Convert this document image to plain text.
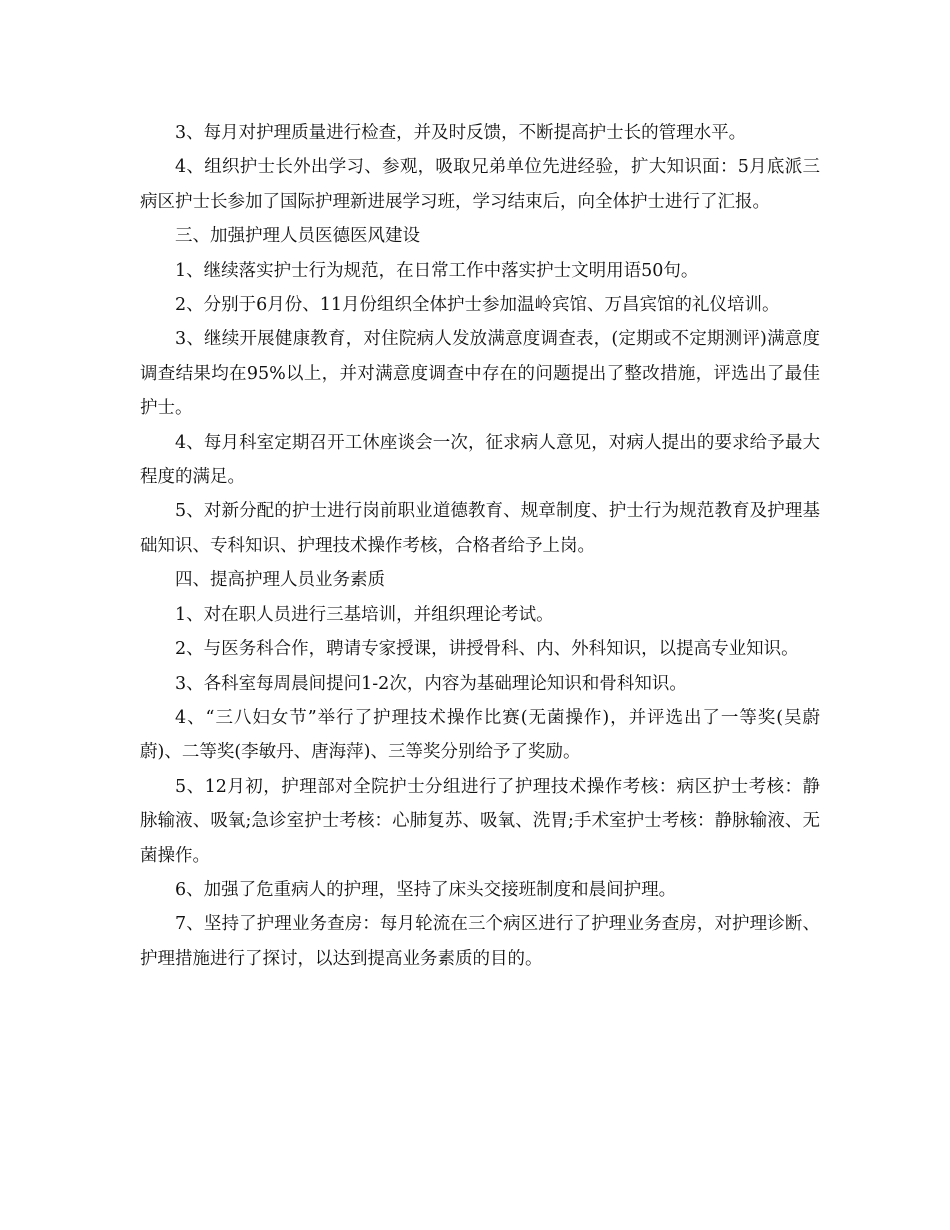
3、每月对护理质量进行检查，并及时反馈，不断提高护士长的管理水平。

4、组织护士长外出学习、参观，吸取兄弟单位先进经验，扩大知识面：5月底派三病区护士长参加了国际护理新进展学习班，学习结束后，向全体护士进行了汇报。

三、加强护理人员医德医风建设

1、继续落实护士行为规范，在日常工作中落实护士文明用语50句。

2、分别于6月份、11月份组织全体护士参加温岭宾馆、万昌宾馆的礼仪培训。

3、继续开展健康教育，对住院病人发放满意度调查表，(定期或不定期测评)满意度调查结果均在95%以上，并对满意度调查中存在的问题提出了整改措施，评选出了最佳护士。

4、每月科室定期召开工休座谈会一次，征求病人意见，对病人提出的要求给予最大程度的满足。

5、对新分配的护士进行岗前职业道德教育、规章制度、护士行为规范教育及护理基础知识、专科知识、护理技术操作考核，合格者给予上岗。

四、提高护理人员业务素质

1、对在职人员进行三基培训，并组织理论考试。

2、与医务科合作，聘请专家授课，讲授骨科、内、外科知识，以提高专业知识。

3、各科室每周晨间提问1-2次，内容为基础理论知识和骨科知识。

4、“三八妇女节”举行了护理技术操作比赛(无菌操作)，并评选出了一等奖(吴蔚蔚)、二等奖(李敏丹、唐海萍)、三等奖分别给予了奖励。

5、12月初，护理部对全院护士分组进行了护理技术操作考核：病区护士考核：静脉输液、吸氧;急诊室护士考核：心肺复苏、吸氧、洗胃;手术室护士考核：静脉输液、无菌操作。

6、加强了危重病人的护理，坚持了床头交接班制度和晨间护理。

7、坚持了护理业务查房：每月轮流在三个病区进行了护理业务查房，对护理诊断、护理措施进行了探讨，以达到提高业务素质的目的。
